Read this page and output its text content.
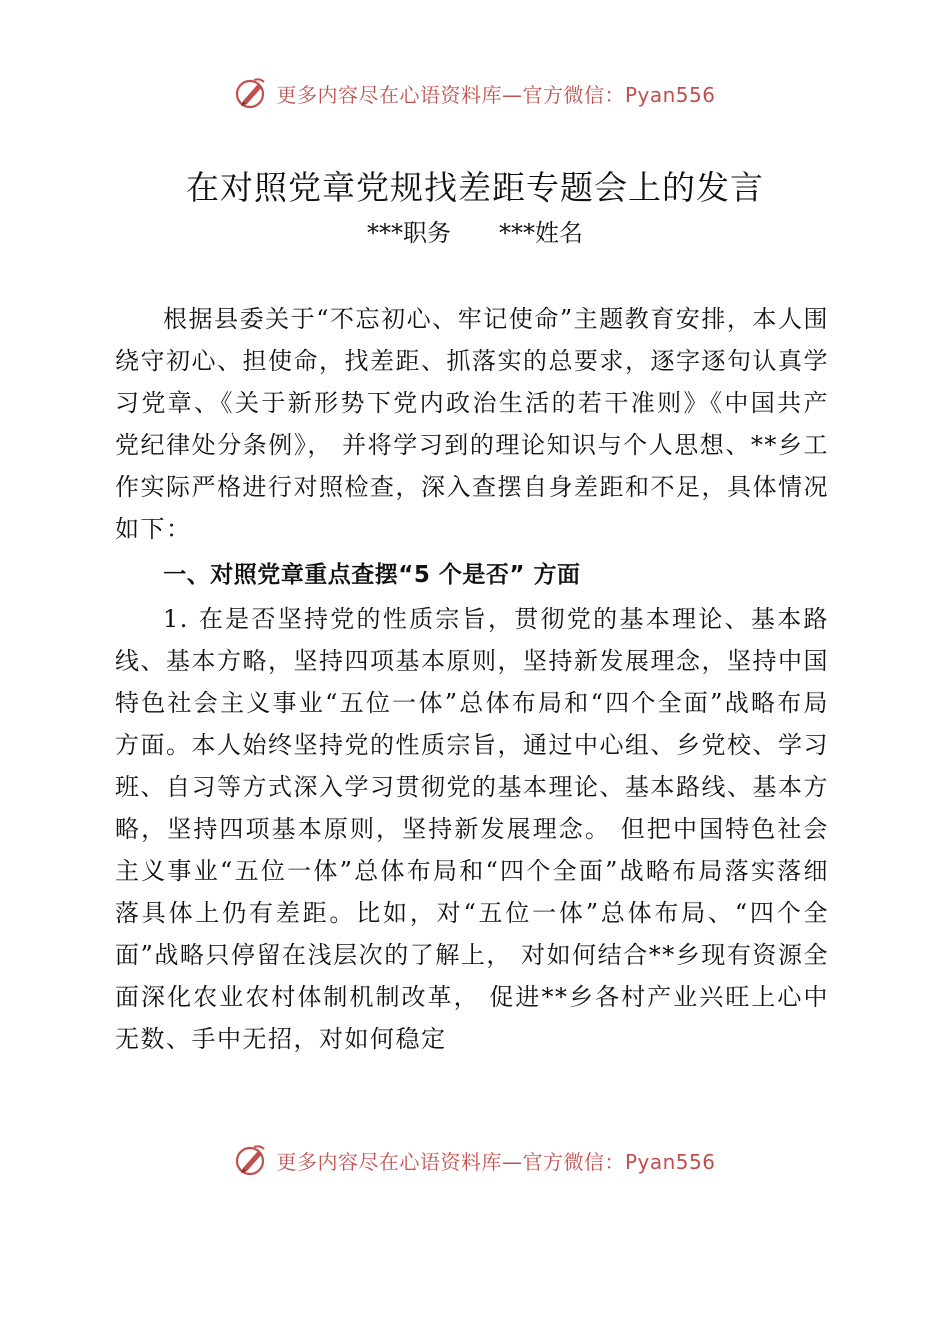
更多内容尽在心语资料库—官方微信：Pyan556
在对照党章党规找差距专题会上的发言
***职务 ***姓名

根据县委关于“不忘初心、牢记使命”主题教育安排，本人围绕守初心、担使命，找差距、抓落实的总要求，逐字逐句认真学习党章、《关于新形势下党内政治生活的若干准则》《中国共产党纪律处分条例》， 并将学习到的理论知识与个人思想、**乡工作实际严格进行对照检查，深入查摆自身差距和不足，具体情况如下：

一、对照党章重点查摆“5 个是否” 方面

1. 在是否坚持党的性质宗旨，贯彻党的基本理论、基本路线、基本方略，坚持四项基本原则，坚持新发展理念，坚持中国特色社会主义事业“五位一体”总体布局和“四个全面”战略布局方面。本人始终坚持党的性质宗旨，通过中心组、乡党校、学习班、自习等方式深入学习贯彻党的基本理论、基本路线、基本方略，坚持四项基本原则，坚持新发展理念。 但把中国特色社会主义事业“五位一体”总体布局和“四个全面”战略布局落实落细落具体上仍有差距。比如，对“五位一体”总体布局、“四个全面”战略只停留在浅层次的了解上， 对如何结合**乡现有资源全面深化农业农村体制机制改革， 促进**乡各村产业兴旺上心中无数、手中无招，对如何稳定

更多内容尽在心语资料库—官方微信：Pyan556
